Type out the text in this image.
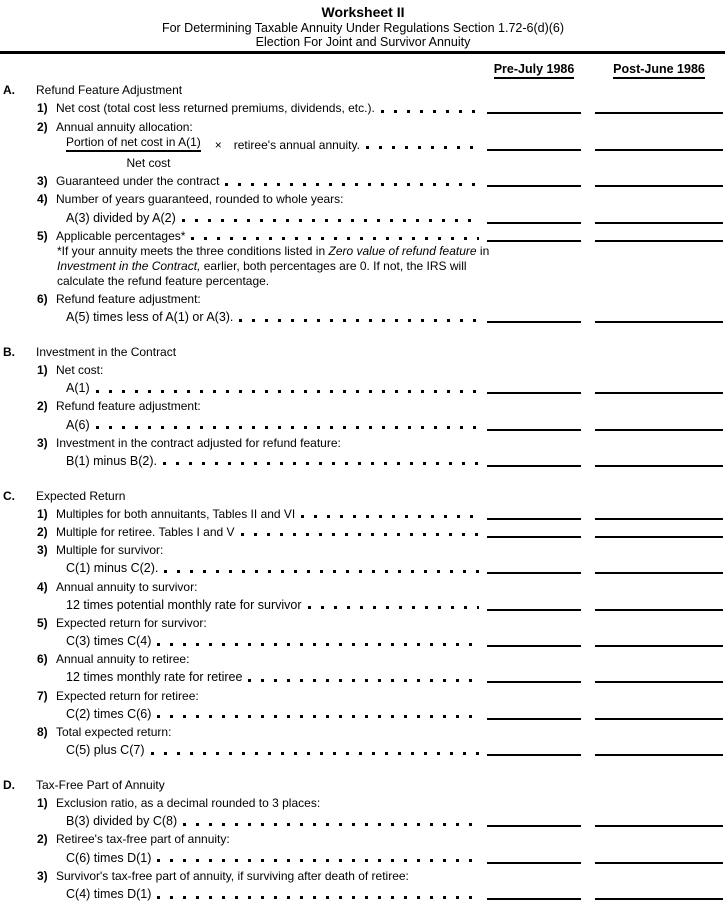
Worksheet II
For Determining Taxable Annuity Under Regulations Section 1.72-6(d)(6)
Election For Joint and Survivor Annuity
Pre-July 1986	Post-June 1986
A.	Refund Feature Adjustment
1) Net cost (total cost less returned premiums, dividends, etc.).
2) Annual annuity allocation:
Portion of net cost in A(1) × retiree's annual annuity.
Net cost
3) Guaranteed under the contract
4) Number of years guaranteed, rounded to whole years:
A(3) divided by A(2)
5) Applicable percentages*
*If your annuity meets the three conditions listed in Zero value of refund feature in
Investment in the Contract, earlier, both percentages are 0. If not, the IRS will
calculate the refund feature percentage.
6) Refund feature adjustment:
A(5) times less of A(1) or A(3).
B.	Investment in the Contract
1) Net cost:
A(1)
2) Refund feature adjustment:
A(6)
3) Investment in the contract adjusted for refund feature:
B(1) minus B(2).
C.	Expected Return
1) Multiples for both annuitants, Tables II and VI
2) Multiple for retiree. Tables I and V
3) Multiple for survivor:
C(1) minus C(2).
4) Annual annuity to survivor:
12 times potential monthly rate for survivor
5) Expected return for survivor:
C(3) times C(4)
6) Annual annuity to retiree:
12 times monthly rate for retiree
7) Expected return for retiree:
C(2) times C(6)
8) Total expected return:
C(5) plus C(7)
D.	Tax-Free Part of Annuity
1) Exclusion ratio, as a decimal rounded to 3 places:
B(3) divided by C(8)
2) Retiree's tax-free part of annuity:
C(6) times D(1)
3) Survivor's tax-free part of annuity, if surviving after death of retiree:
C(4) times D(1)
